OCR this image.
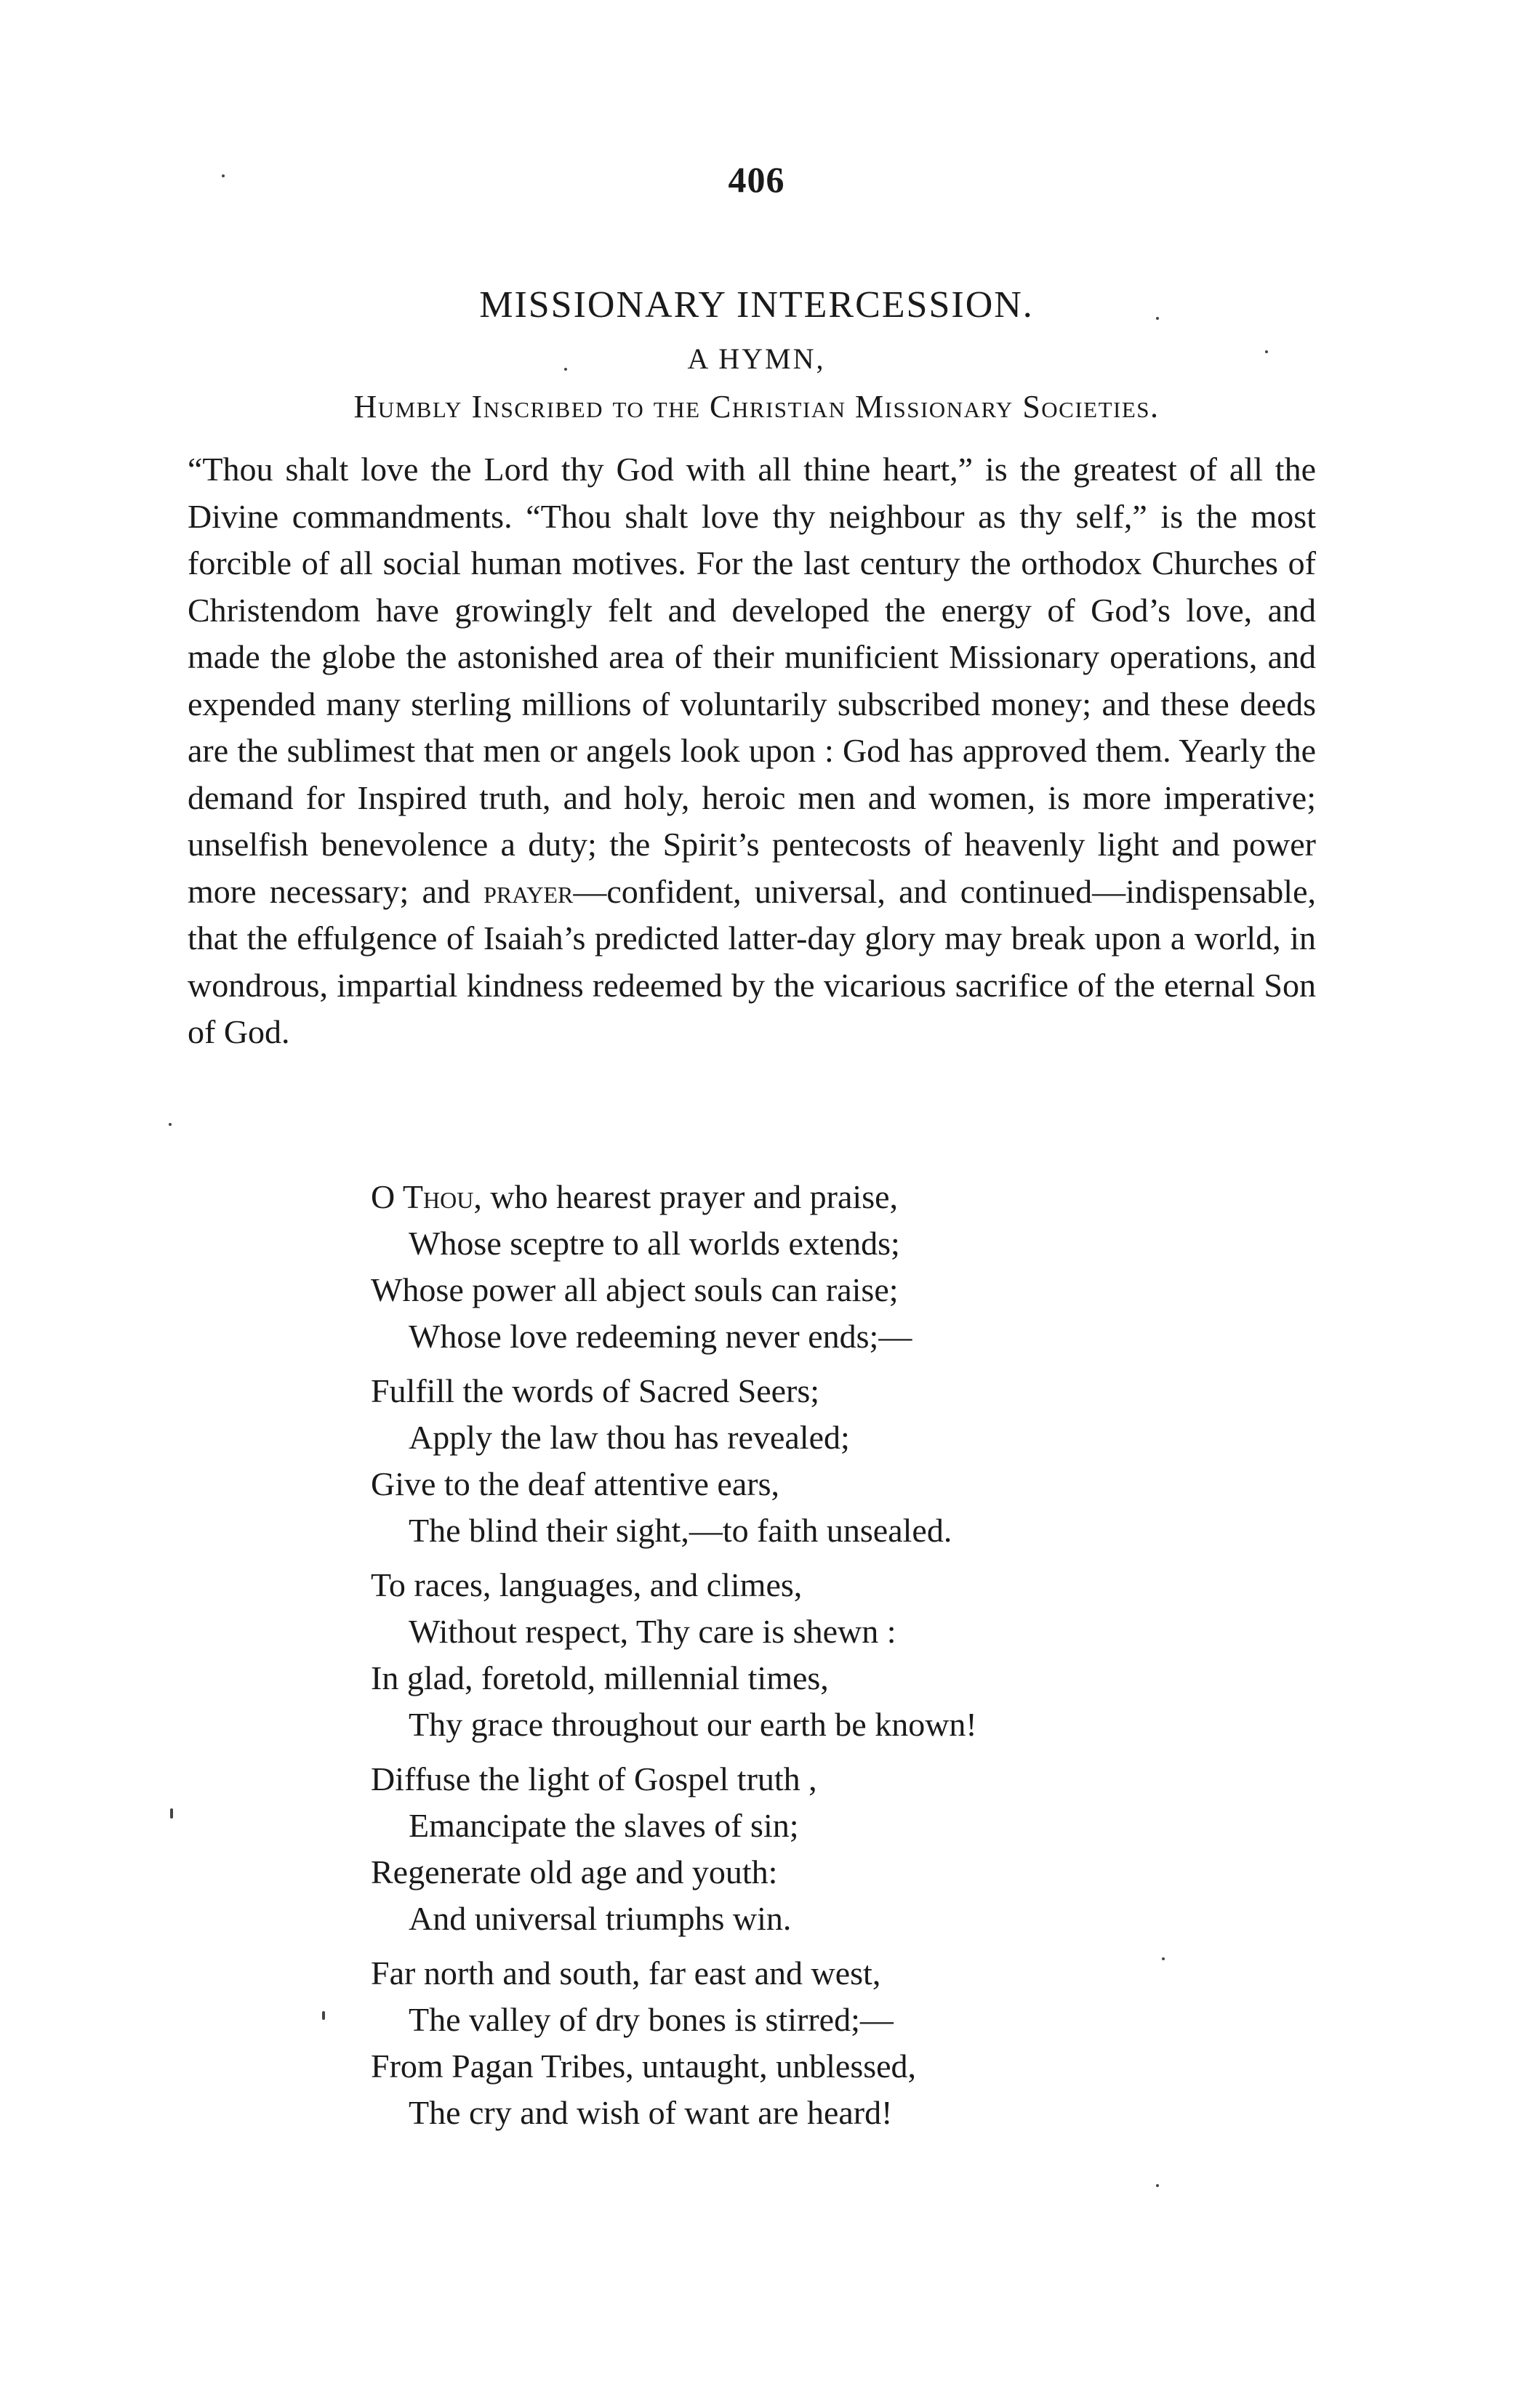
406
MISSIONARY INTERCESSION.
A HYMN,
Humbly Inscribed to the Christian Missionary Societies.

“Thou shalt love the Lord thy God with all thine heart,” is the greatest of all the Divine commandments. “Thou shalt love thy neighbour as thy self,” is the most forcible of all social human motives. For the last century the orthodox Churches of Christendom have growingly felt and developed the energy of God’s love, and made the globe the astonished area of their munificient Missionary operations, and expended many sterling millions of voluntarily subscribed money; and these deeds are the sublimest that men or angels look upon : God has approved them. Yearly the demand for Inspired truth, and holy, heroic men and women, is more imperative; unselfish benevolence a duty; the Spirit’s pentecosts of heavenly light and power more necessary; and prayer—confident, universal, and continued—indispensable, that the effulgence of Isaiah’s predicted latter-day glory may break upon a world, in wondrous, impartial kindness redeemed by the vicarious sacrifice of the eternal Son of God.

O Thou, who hearest prayer and praise,
Whose sceptre to all worlds extends;
Whose power all abject souls can raise;
Whose love redeeming never ends;—
Fulfill the words of Sacred Seers;
Apply the law thou has revealed;
Give to the deaf attentive ears,
The blind their sight,—to faith unsealed.
To races, languages, and climes,
Without respect, Thy care is shewn :
In glad, foretold, millennial times,
Thy grace throughout our earth be known!
Diffuse the light of Gospel truth ,
Emancipate the slaves of sin;
Regenerate old age and youth:
And universal triumphs win.
Far north and south, far east and west,
The valley of dry bones is stirred;—
From Pagan Tribes, untaught, unblessed,
The cry and wish of want are heard!
